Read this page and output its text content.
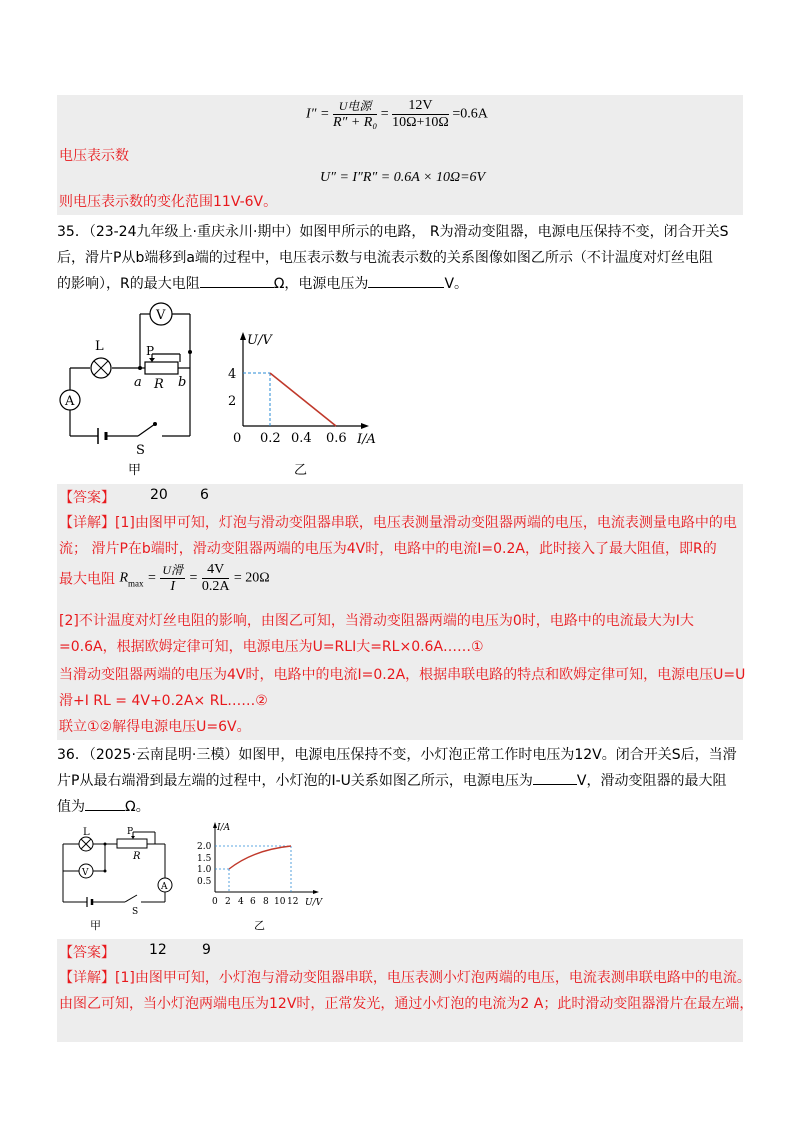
$I'' = \frac{\text{U电源}}{\text{R″ + R₀}} = \frac{12V}{10\Omega+10\Omega} =0.6A$
电压表示数
U″ = I″R″ = 0.6A × 10Ω=6V
则电压表示数的变化范围11V-6V。
35．（23-24九年级上·重庆永川·期中）如图甲所示的电路， R为滑动变阻器，电源电压保持不变，闭合开关S
后，滑片P从b端移到a端的过程中，电压表示数与电流表示数的关系图像如图乙所示（不计温度对灯丝电阻
的影响），R的最大电阻	Ω，电源电压为	V。
V
A
L	P
R
a	b
S
甲
U/V
I/A
4
2
0 0.2 0.4 0.6
乙
【答案】	20 6
【详解】[1]由图甲可知，灯泡与滑动变阻器串联，电压表测量滑动变阻器两端的电压，电流表测量电路中的电
流； 滑片P在b端时，滑动变阻器两端的电压为4V时，电路中的电流I=0.2A，此时接入了最大阻值，即R的
最大电阻 $R_{max} = \frac{\text{U滑}}{I} = \frac{4V}{0.2A} = 20\Omega$
[2]不计温度对灯丝电阻的影响，由图乙可知，当滑动变阻器两端的电压为0时，电路中的电流最大为I大
=0.6A，根据欧姆定律可知，电源电压为U=RLI大=RL×0.6A……①
当滑动变阻器两端的电压为4V时，电路中的电流I=0.2A，根据串联电路的特点和欧姆定律可知，电源电压U=U
滑+I RL = 4V+0.2A× RL……②
联立①②解得电源电压U=6V。
36．（2025·云南昆明·三模）如图甲，电源电压保持不变，小灯泡正常工作时电压为12V。闭合开关S后，当滑
片P从最右端滑到最左端的过程中，小灯泡的I-U关系如图乙所示，电源电压为	V，滑动变阻器的最大阻
值为	Ω。
L	P
R
V
A
S
甲
I/A
U/V
2.0
1.5
1.0
0.5
0 2 4 6 8 10 12
乙
【答案】 12	9
【详解】[1]由图甲可知，小灯泡与滑动变阻器串联，电压表测小灯泡两端的电压，电流表测串联电路中的电流。
由图乙可知，当小灯泡两端电压为12V时，正常发光，通过小灯泡的电流为2 A；此时滑动变阻器滑片在最左端，
